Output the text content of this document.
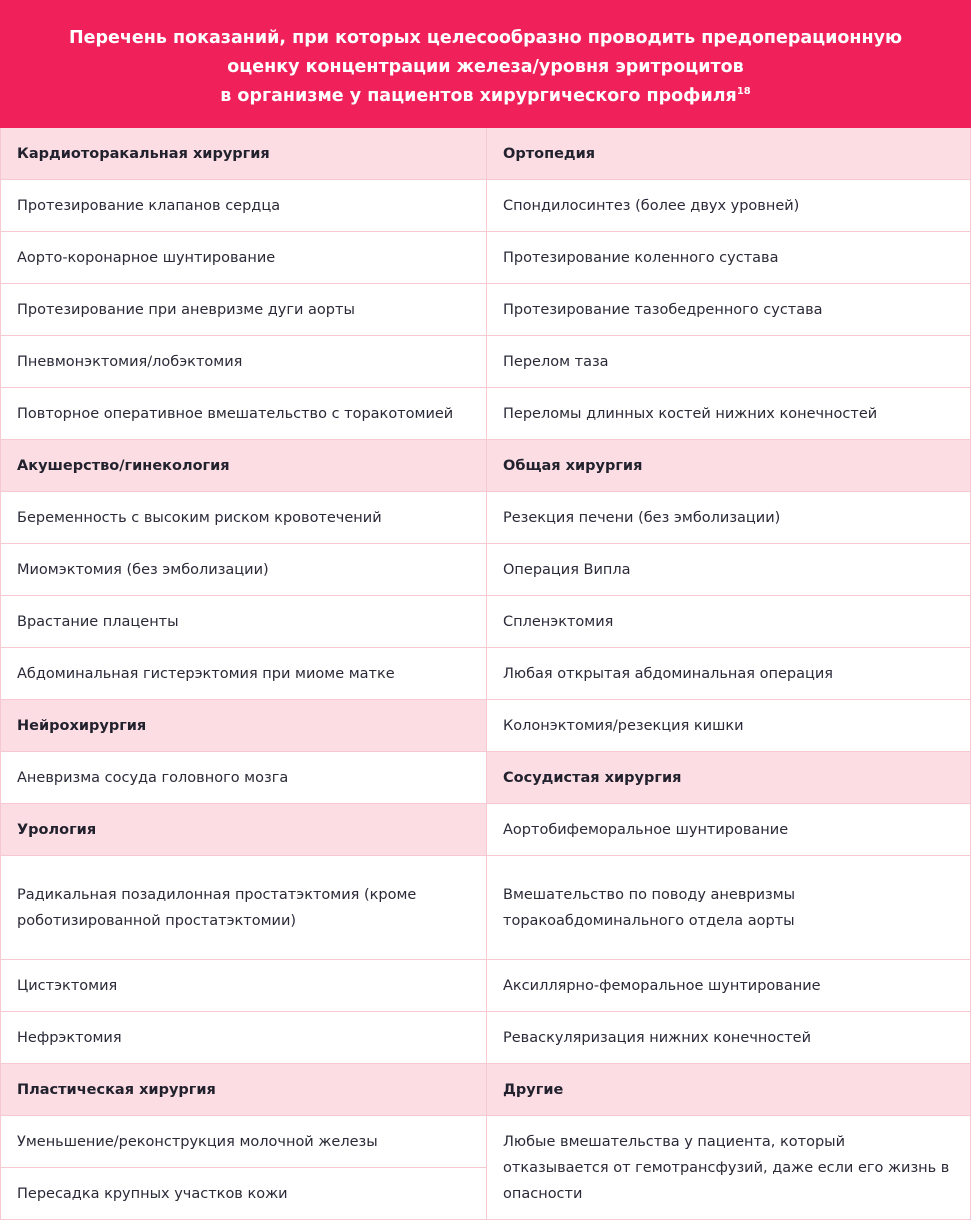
Перечень показаний, при которых целесообразно проводить предоперационную
оценку концентрации железа/уровня эритроцитов
в организме у пациентов хирургического профиля$^{18}$
Кардиоторакальная хирургия
Протезирование клапанов сердца
Аорто-коронарное шунтирование
Протезирование при аневризме дуги аорты
Пневмонэктомия/лобэктомия
Повторное оперативное вмешательство с торакотомией
Акушерство/гинекология
Беременность с высоким риском кровотечений
Миомэктомия (без эмболизации)
Врастание плаценты
Абдоминальная гистерэктомия при миоме матке
Нейрохирургия
Аневризма сосуда головного мозга
Урология
Радикальная позадилонная простатэктомия (кроме роботизированной простатэктомии)
Цистэктомия
Нефрэктомия
Пластическая хирургия
Уменьшение/реконструкция молочной железы
Пересадка крупных участков кожи
Ортопедия
Спондилосинтез (более двух уровней)
Протезирование коленного сустава
Протезирование тазобедренного сустава
Перелом таза
Переломы длинных костей нижних конечностей
Общая хирургия
Резекция печени (без эмболизации)
Операция Випла
Спленэктомия
Любая открытая абдоминальная операция
Колонэктомия/резекция кишки
Сосудистая хирургия
Аортобифеморальное шунтирование
Вмешательство по поводу аневризмы торакоабдоминального отдела аорты
Аксиллярно-феморальное шунтирование
Реваскуляризация нижних конечностей
Другие
Любые вмешательства у пациента, который отказывается от гемотрансфузий, даже если его жизнь в опасности
